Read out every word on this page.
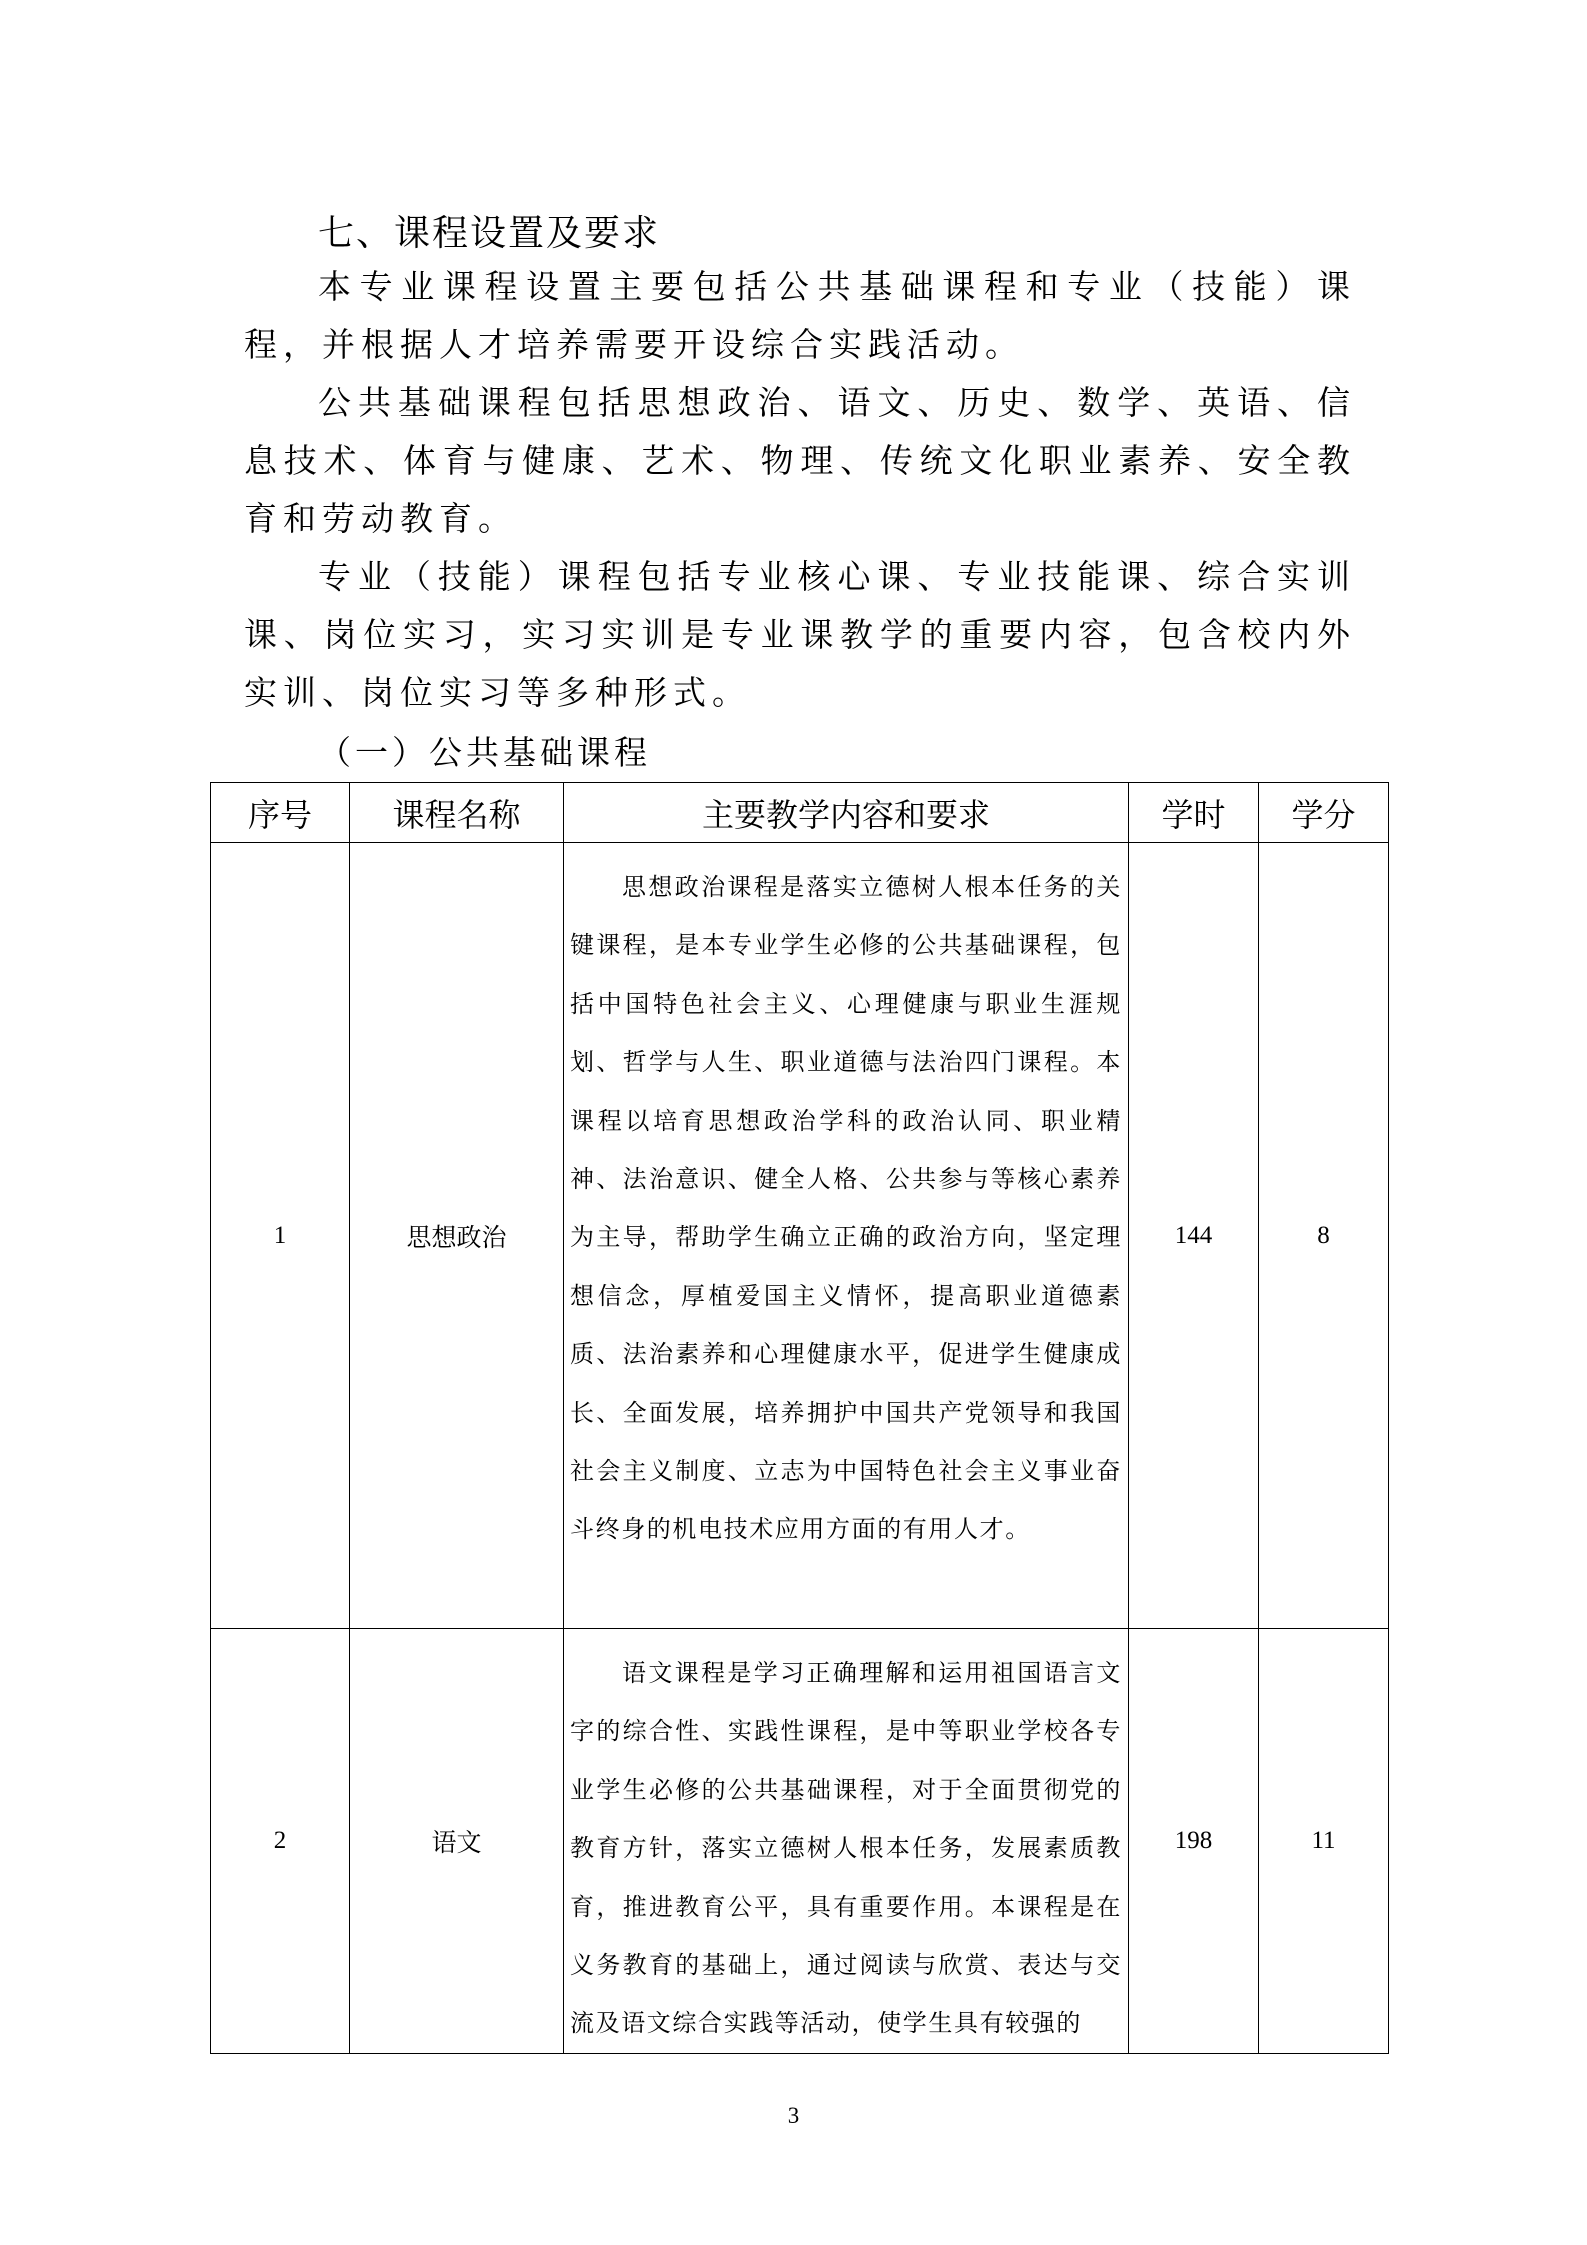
七、课程设置及要求

本专业课程设置主要包括公共基础课程和专业（技能）课程，并根据人才培养需要开设综合实践活动。

公共基础课程包括思想政治、语文、历史、数学、英语、信息技术、体育与健康、艺术、物理、传统文化职业素养、安全教育和劳动教育。

专业（技能）课程包括专业核心课、专业技能课、综合实训课、岗位实习，实习实训是专业课教学的重要内容，包含校内外实训、岗位实习等多种形式。

（一）公共基础课程
序号	课程名称	主要教学内容和要求	学时	学分
1	思想政治	思想政治课程是落实立德树人根本任务的关键课程，是本专业学生必修的公共基础课程，包括中国特色社会主义、心理健康与职业生涯规划、哲学与人生、职业道德与法治四门课程。本课程以培育思想政治学科的政治认同、职业精神、法治意识、健全人格、公共参与等核心素养为主导，帮助学生确立正确的政治方向，坚定理想信念，厚植爱国主义情怀，提高职业道德素质、法治素养和心理健康水平，促进学生健康成长、全面发展，培养拥护中国共产党领导和我国社会主义制度、立志为中国特色社会主义事业奋斗终身的机电技术应用方面的有用人才。	144	8
2	语文	语文课程是学习正确理解和运用祖国语言文字的综合性、实践性课程，是中等职业学校各专业学生必修的公共基础课程，对于全面贯彻党的教育方针，落实立德树人根本任务，发展素质教育，推进教育公平，具有重要作用。本课程是在义务教育的基础上，通过阅读与欣赏、表达与交流及语文综合实践等活动，使学生具有较强的	198	11

3
